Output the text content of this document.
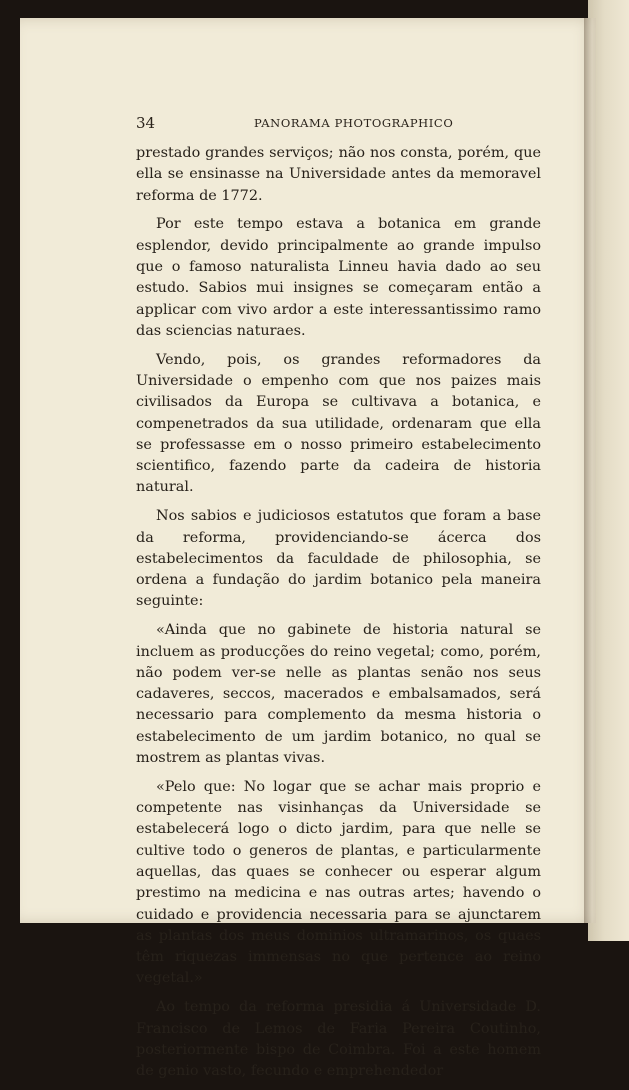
34	PANORAMA PHOTOGRAPHICO

prestado grandes serviços; não nos consta, porém, que ella se ensinasse na Universidade antes da memoravel reforma de 1772.

Por este tempo estava a botanica em grande esplendor, devido principalmente ao grande impulso que o famoso naturalista Linneu havia dado ao seu estudo. Sabios mui insignes se começaram então a applicar com vivo ardor a este interessantissimo ramo das sciencias naturaes.

Vendo, pois, os grandes reformadores da Universidade o empenho com que nos paizes mais civilisados da Europa se cultivava a botanica, e compenetrados da sua utilidade, ordenaram que ella se professasse em o nosso primeiro estabelecimento scientifico, fazendo parte da cadeira de historia natural.

Nos sabios e judiciosos estatutos que foram a base da reforma, providenciando-se ácerca dos estabelecimentos da faculdade de philosophia, se ordena a fundação do jardim botanico pela maneira seguinte:

«Ainda que no gabinete de historia natural se incluem as producções do reino vegetal; como, porém, não podem ver-se nelle as plantas senão nos seus cadaveres, seccos, macerados e embalsamados, será necessario para complemento da mesma historia o estabelecimento de um jardim botanico, no qual se mostrem as plantas vivas.

«Pelo que: No logar que se achar mais proprio e competente nas visinhanças da Universidade se estabelecerá logo o dicto jardim, para que nelle se cultive todo o generos de plantas, e particularmente aquellas, das quaes se conhecer ou esperar algum prestimo na medicina e nas outras artes; havendo o cuidado e providencia necessaria para se ajunctarem as plantas dos meus dominios ultramarinos, os quaes têm riquezas immensas no que pertence ao reino vegetal.»

Ao tempo da reforma presidia á Universidade D. Francisco de Lemos de Faria Pereira Coutinho, posteriormente bispo de Coimbra. Foi a este homem de genio vasto, fecundo e emprehendedor
